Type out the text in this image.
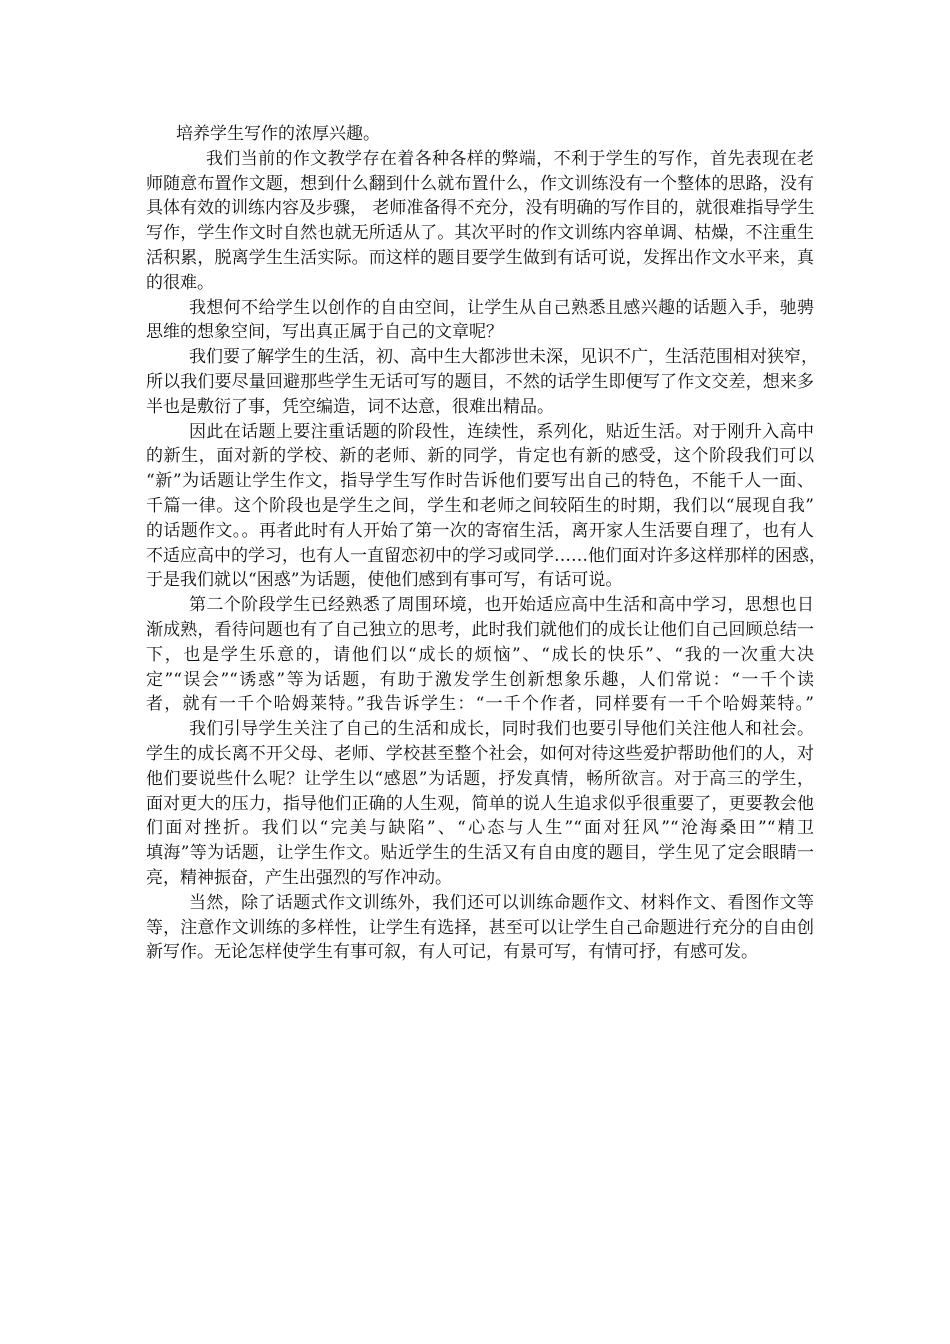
培养学生写作的浓厚兴趣。
我们当前的作文教学存在着各种各样的弊端，不利于学生的写作，首先表现在老
师随意布置作文题，想到什么翻到什么就布置什么，作文训练没有一个整体的思路，没有
具体有效的训练内容及步骤， 老师准备得不充分，没有明确的写作目的，就很难指导学生
写作，学生作文时自然也就无所适从了。其次平时的作文训练内容单调、枯燥，不注重生
活积累，脱离学生生活实际。而这样的题目要学生做到有话可说，发挥出作文水平来，真
的很难。
我想何不给学生以创作的自由空间，让学生从自己熟悉且感兴趣的话题入手，驰骋
思维的想象空间，写出真正属于自己的文章呢？
我们要了解学生的生活，初、高中生大都涉世未深，见识不广，生活范围相对狭窄，
所以我们要尽量回避那些学生无话可写的题目，不然的话学生即便写了作文交差，想来多
半也是敷衍了事，凭空编造，词不达意，很难出精品。
因此在话题上要注重话题的阶段性，连续性，系列化，贴近生活。对于刚升入高中
的新生，面对新的学校、新的老师、新的同学，肯定也有新的感受，这个阶段我们可以
“新”为话题让学生作文，指导学生写作时告诉他们要写出自己的特色，不能千人一面、
千篇一律。这个阶段也是学生之间，学生和老师之间较陌生的时期，我们以“展现自我”
的话题作文。。再者此时有人开始了第一次的寄宿生活，离开家人生活要自理了，也有人
不适应高中的学习，也有人一直留恋初中的学习或同学……他们面对许多这样那样的困惑，
于是我们就以“困惑”为话题，使他们感到有事可写，有话可说。
第二个阶段学生已经熟悉了周围环境，也开始适应高中生活和高中学习，思想也日
渐成熟，看待问题也有了自己独立的思考，此时我们就他们的成长让他们自己回顾总结一
下，也是学生乐意的，请他们以“成长的烦恼”、“成长的快乐”、“我的一次重大决
定”“误会”“诱惑”等为话题，有助于激发学生创新想象乐趣，人们常说：“一千个读
者，就有一千个哈姆莱特。”我告诉学生：“一千个作者，同样要有一千个哈姆莱特。”
我们引导学生关注了自己的生活和成长，同时我们也要引导他们关注他人和社会。
学生的成长离不开父母、老师、学校甚至整个社会，如何对待这些爱护帮助他们的人，对
他们要说些什么呢？让学生以“感恩”为话题，抒发真情，畅所欲言。对于高三的学生，
面对更大的压力，指导他们正确的人生观，简单的说人生追求似乎很重要了，更要教会他
们面对挫折。我们以“完美与缺陷”、“心态与人生”“面对狂风”“沧海桑田”“精卫
填海”等为话题，让学生作文。贴近学生的生活又有自由度的题目，学生见了定会眼睛一
亮，精神振奋，产生出强烈的写作冲动。
当然，除了话题式作文训练外，我们还可以训练命题作文、材料作文、看图作文等
等，注意作文训练的多样性，让学生有选择，甚至可以让学生自己命题进行充分的自由创
新写作。无论怎样使学生有事可叙，有人可记，有景可写，有情可抒，有感可发。
